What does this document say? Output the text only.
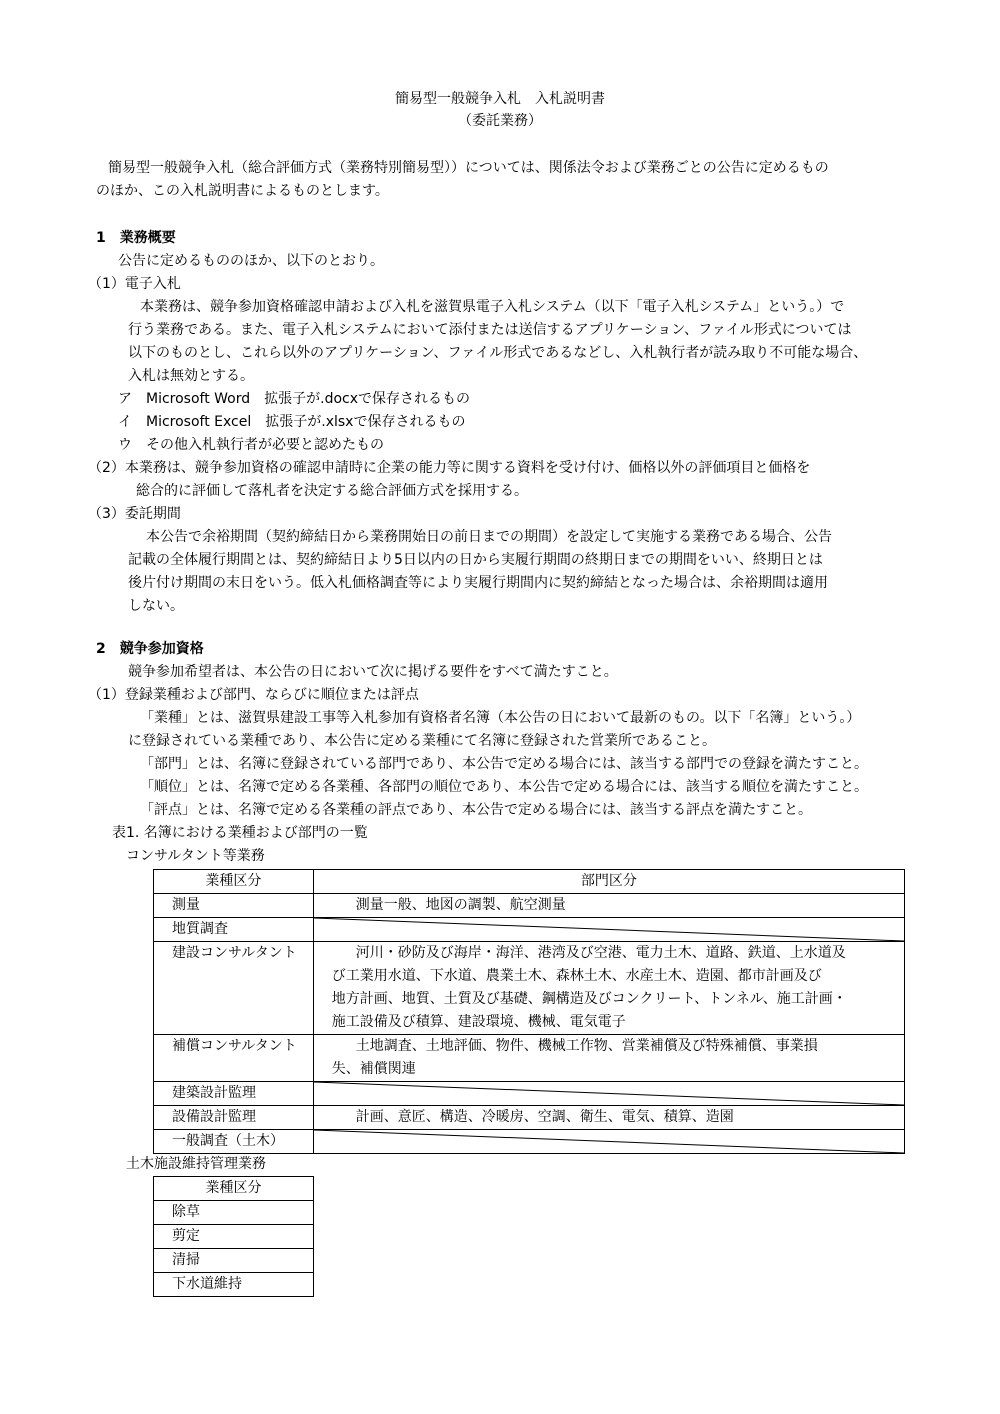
簡易型一般競争入札　入札説明書
（委託業務）

簡易型一般競争入札（総合評価方式（業務特別簡易型））については、関係法令および業務ごとの公告に定めるもの

のほか、この入札説明書によるものとします。

1　業務概要

公告に定めるもののほか、以下のとおり。

（1）電子入札

本業務は、競争参加資格確認申請および入札を滋賀県電子入札システム（以下「電子入札システム」という。）で

行う業務である。また、電子入札システムにおいて添付または送信するアプリケーション、ファイル形式については

以下のものとし、これら以外のアプリケーション、ファイル形式であるなどし、入札執行者が読み取り不可能な場合、

入札は無効とする。

ア　Microsoft Word　拡張子が.docxで保存されるもの

イ　Microsoft Excel　拡張子が.xlsxで保存されるもの

ウ　その他入札執行者が必要と認めたもの

（2）本業務は、競争参加資格の確認申請時に企業の能力等に関する資料を受け付け、価格以外の評価項目と価格を

総合的に評価して落札者を決定する総合評価方式を採用する。

（3）委託期間

本公告で余裕期間（契約締結日から業務開始日の前日までの期間）を設定して実施する業務である場合、公告

記載の全体履行期間とは、契約締結日より5日以内の日から実履行期間の終期日までの期間をいい、終期日とは

後片付け期間の末日をいう。低入札価格調査等により実履行期間内に契約締結となった場合は、余裕期間は適用

しない。

2　競争参加資格

競争参加希望者は、本公告の日において次に掲げる要件をすべて満たすこと。

（1）登録業種および部門、ならびに順位または評点

「業種」とは、滋賀県建設工事等入札参加有資格者名簿（本公告の日において最新のもの。以下「名簿」という。）

に登録されている業種であり、本公告に定める業種にて名簿に登録された営業所であること。

「部門」とは、名簿に登録されている部門であり、本公告で定める場合には、該当する部門での登録を満たすこと。

「順位」とは、名簿で定める各業種、各部門の順位であり、本公告で定める場合には、該当する順位を満たすこと。

「評点」とは、名簿で定める各業種の評点であり、本公告で定める場合には、該当する評点を満たすこと。

表1. 名簿における業種および部門の一覧

コンサルタント等業務

業種区分	部門区分
測量	測量一般、地図の調製、航空測量

地質調査	

建設コンサルタント	河川・砂防及び海岸・海洋、港湾及び空港、電力土木、道路、鉄道、上水道及
び工業用水道、下水道、農業土木、森林土木、水産土木、造園、都市計画及び
地方計画、地質、土質及び基礎、鋼構造及びコンクリート、トンネル、施工計画・
施工設備及び積算、建設環境、機械、電気電子

補償コンサルタント	土地調査、土地評価、物件、機械工作物、営業補償及び特殊補償、事業損
失、補償関連

建築設計監理	

設備設計監理	計画、意匠、構造、冷暖房、空調、衛生、電気、積算、造園

一般調査（土木）	

土木施設維持管理業務

業種区分
除草
剪定
清掃
下水道維持
